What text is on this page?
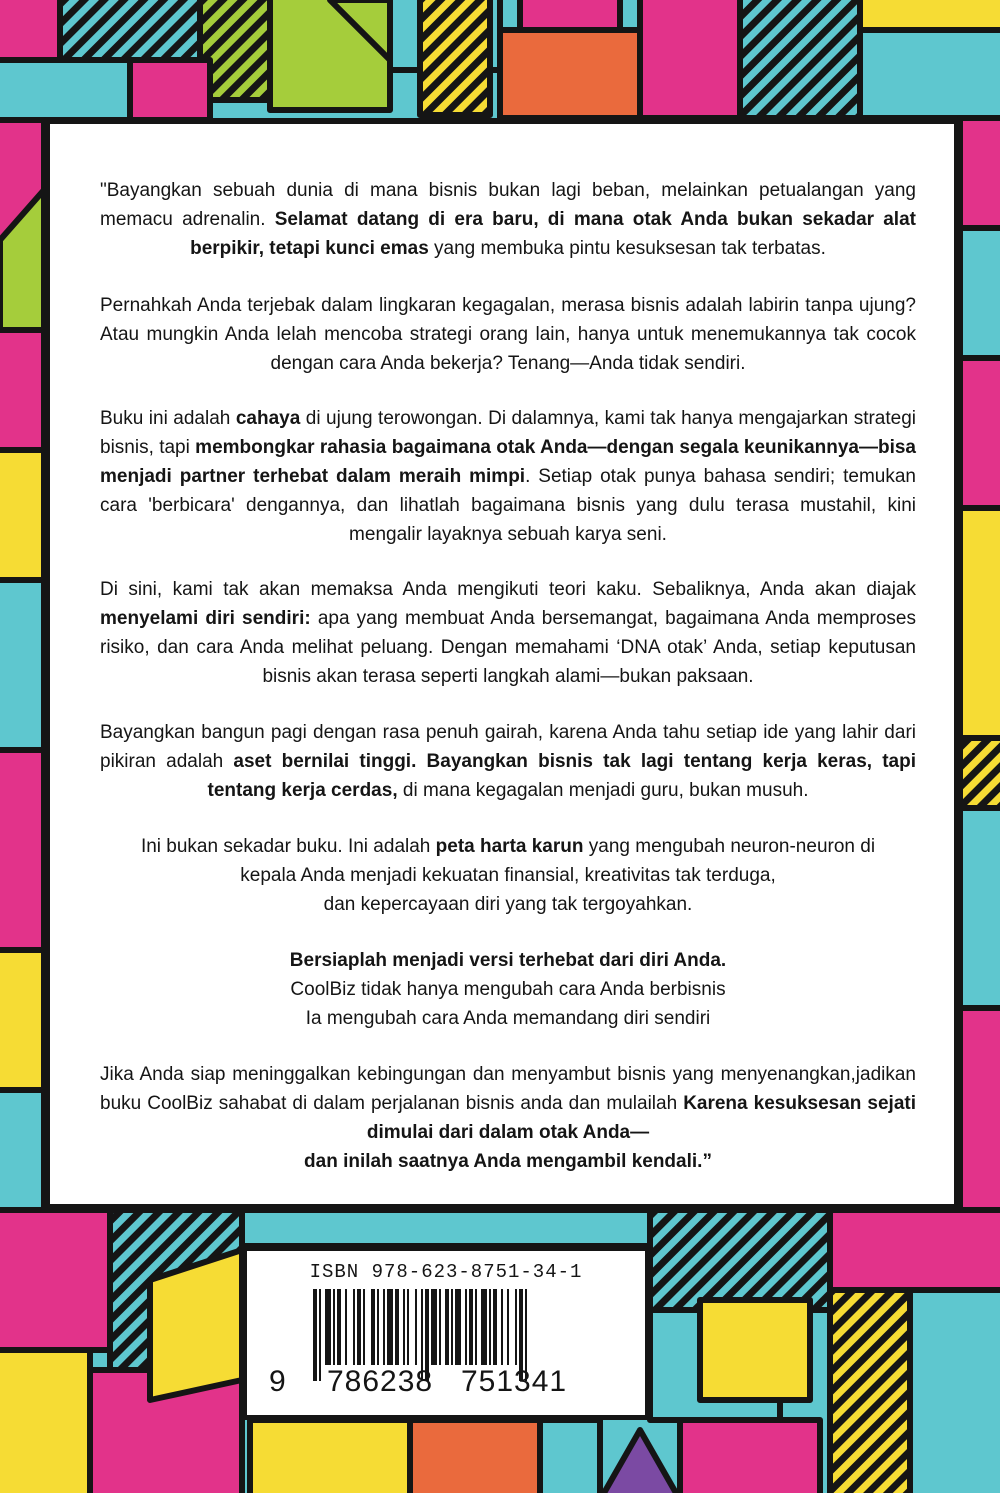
"Bayangkan sebuah dunia di mana bisnis bukan lagi beban, melainkan petualangan yang memacu adrenalin. Selamat datang di era baru, di mana otak Anda bukan sekadar alat berpikir, tetapi kunci emas yang membuka pintu kesuksesan tak terbatas.

Pernahkah Anda terjebak dalam lingkaran kegagalan, merasa bisnis adalah labirin tanpa ujung? Atau mungkin Anda lelah mencoba strategi orang lain, hanya untuk menemukannya tak cocok dengan cara Anda bekerja? Tenang—Anda tidak sendiri.

Buku ini adalah cahaya di ujung terowongan. Di dalamnya, kami tak hanya mengajarkan strategi bisnis, tapi membongkar rahasia bagaimana otak Anda—dengan segala keunikannya—bisa menjadi partner terhebat dalam meraih mimpi. Setiap otak punya bahasa sendiri; temukan cara 'berbicara' dengannya, dan lihatlah bagaimana bisnis yang dulu terasa mustahil, kini mengalir layaknya sebuah karya seni.

Di sini, kami tak akan memaksa Anda mengikuti teori kaku. Sebaliknya, Anda akan diajak menyelami diri sendiri: apa yang membuat Anda bersemangat, bagaimana Anda memproses risiko, dan cara Anda melihat peluang. Dengan memahami ‘DNA otak’ Anda, setiap keputusan bisnis akan terasa seperti langkah alami—bukan paksaan.

Bayangkan bangun pagi dengan rasa penuh gairah, karena Anda tahu setiap ide yang lahir dari pikiran adalah aset bernilai tinggi. Bayangkan bisnis tak lagi tentang kerja keras, tapi tentang kerja cerdas, di mana kegagalan menjadi guru, bukan musuh.

Ini bukan sekadar buku. Ini adalah peta harta karun yang mengubah neuron-neuron di
kepala Anda menjadi kekuatan finansial, kreativitas tak terduga,
dan kepercayaan diri yang tak tergoyahkan.
Bersiaplah menjadi versi terhebat dari diri Anda.
CoolBiz tidak hanya mengubah cara Anda berbisnis
Ia mengubah cara Anda memandang diri sendiri

Jika Anda siap meninggalkan kebingungan dan menyambut bisnis yang menyenangkan,jadikan buku CoolBiz sahabat di dalam perjalanan bisnis anda dan mulailah Karena kesuksesan sejati dimulai dari dalam otak Anda—

dan inilah saatnya Anda mengambil kendali.”

ISBN 978-623-8751-34-1

9 786238 751341
